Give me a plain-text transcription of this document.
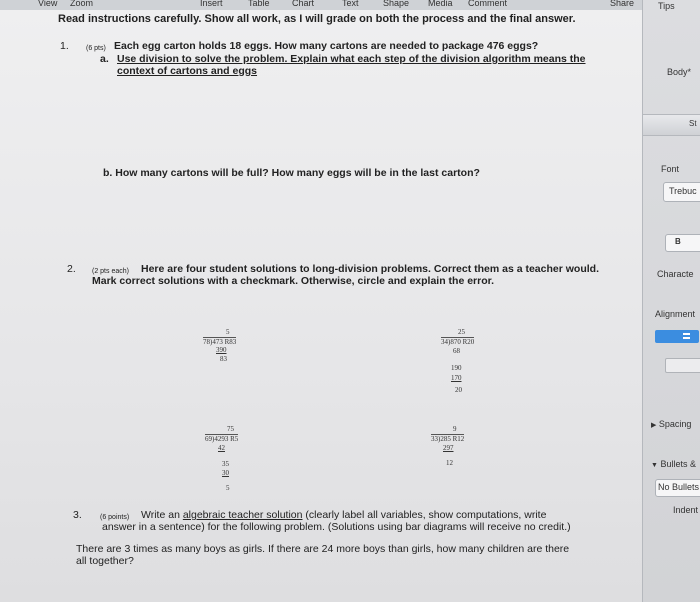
View Zoom	Insert	Table Chart	Text	Shape Media Comment	Share
Read instructions carefully. Show all work, as I will grade on both the process and the final answer.
1. (6 pts) Each egg carton holds 18 eggs. How many cartons are needed to package 476 eggs?
a. Use division to solve the problem. Explain what each step of the division algorithm means the
context of cartons and eggs
b. How many cartons will be full? How many eggs will be in the last carton?
2. (2 pts each) Here are four student solutions to long-division problems. Correct them as a teacher would.
Mark correct solutions with a checkmark. Otherwise, circle and explain the error.
5
78)473 R83
390
83
25
34)870 R20
68
190
170
20
75
69)4293 R5
42
35
30
5
9
33)285 R12
297
12
3.	(6 points) Write an algebraic teacher solution (clearly label all variables, show computations, write
answer in a sentence) for the following problem. (Solutions using bar diagrams will receive no credit.)
There are 3 times as many boys as girls. If there are 24 more boys than girls, how many children are there
all together?
Tips
Body*
St
Font
Trebuc
B
Characte
Alignment
▶ Spacing
▼ Bullets &
No Bullets
Indent
